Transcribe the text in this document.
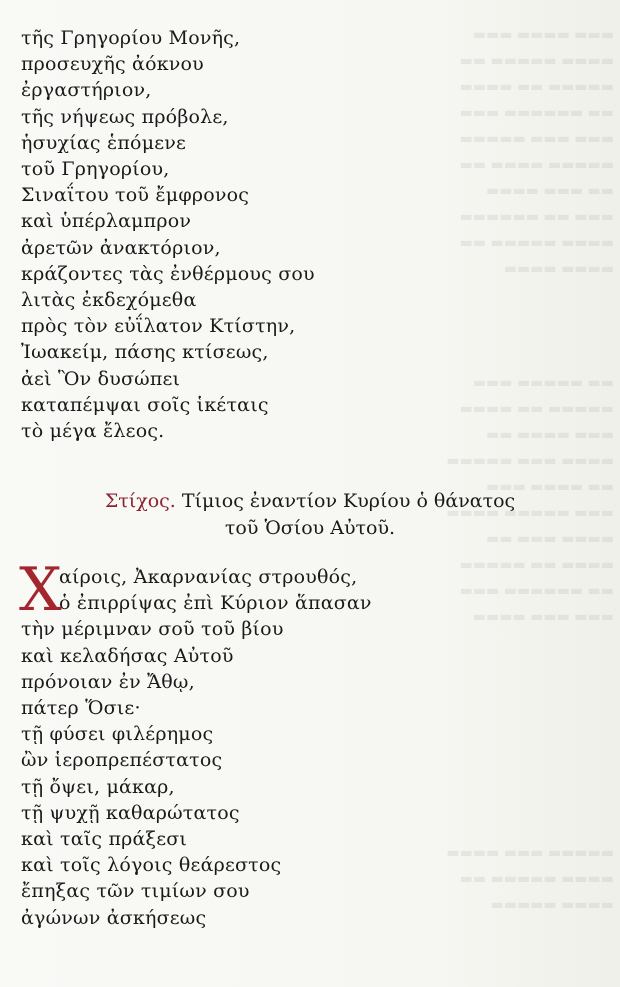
▬▬▬ ▬▬▬▬ ▬▬▬
▬▬ ▬▬▬▬▬ ▬▬▬▬
▬▬▬▬ ▬▬ ▬▬▬▬▬
▬▬▬ ▬▬▬▬▬▬ ▬▬
▬▬▬▬▬ ▬▬▬ ▬▬▬
▬▬ ▬▬▬▬ ▬▬▬▬▬
▬▬▬▬ ▬▬▬ ▬▬
▬▬▬▬▬▬ ▬▬ ▬▬▬
▬▬ ▬▬▬▬▬ ▬▬▬▬
▬▬▬▬ ▬▬▬▬
▬▬▬ ▬▬▬▬▬ ▬▬
▬▬▬▬ ▬▬ ▬▬▬▬▬
▬▬ ▬▬▬▬ ▬▬▬
▬▬▬▬▬ ▬▬▬ ▬▬▬▬
▬▬▬ ▬▬▬▬ ▬▬
▬▬▬▬ ▬▬▬▬▬ ▬▬▬
▬▬ ▬▬▬ ▬▬▬▬
▬▬▬▬▬ ▬▬ ▬▬▬▬
▬▬▬ ▬▬▬▬▬▬ ▬▬
▬▬▬▬ ▬▬▬ ▬▬▬
▬▬▬▬ ▬▬▬ ▬▬▬▬▬
▬▬ ▬▬▬▬▬ ▬▬▬▬
▬▬▬▬▬ ▬▬▬▬
τῆς Γρηγορίου Μονῆς,
προσευχῆς ἀόκνου
ἐργαστήριον,
τῆς νήψεως πρόβολε,
ἡσυχίας ἑπόμενε
τοῦ Γρηγορίου,
Σιναΐτου τοῦ ἔμφρονος
καὶ ὑπέρλαμπρον
ἀρετῶν ἀνακτόριον,
κράζοντες τὰς ἐνθέρμους σου
λιτὰς ἐκδεχόμεθα
πρὸς τὸν εὐΐλατον Κτίστην,
Ἰωακείμ, πάσης κτίσεως,
ἀεὶ Ὃν δυσώπει
καταπέμψαι σοῖς ἱκέταις
τὸ μέγα ἔλεος.
Στίχος. Τίμιος ἐναντίον Κυρίου ὁ θάνατος
τοῦ Ὁσίου Αὐτοῦ.
Χ
αίροις, Ἀκαρνανίας στρουθός,
ὁ ἐπιρρίψας ἐπὶ Κύριον ἅπασαν
τὴν μέριμναν σοῦ τοῦ βίου
καὶ κελαδήσας Αὐτοῦ
πρόνοιαν ἐν Ἄθῳ,
πάτερ Ὅσιε·
τῇ φύσει φιλέρημος
ὢν ἱεροπρεπέστατος
τῇ ὄψει, μάκαρ,
τῇ ψυχῇ καθαρώτατος
καὶ ταῖς πράξεσι
καὶ τοῖς λόγοις θεάρεστος
ἔπηξας τῶν τιμίων σου
ἀγώνων ἀσκήσεως
